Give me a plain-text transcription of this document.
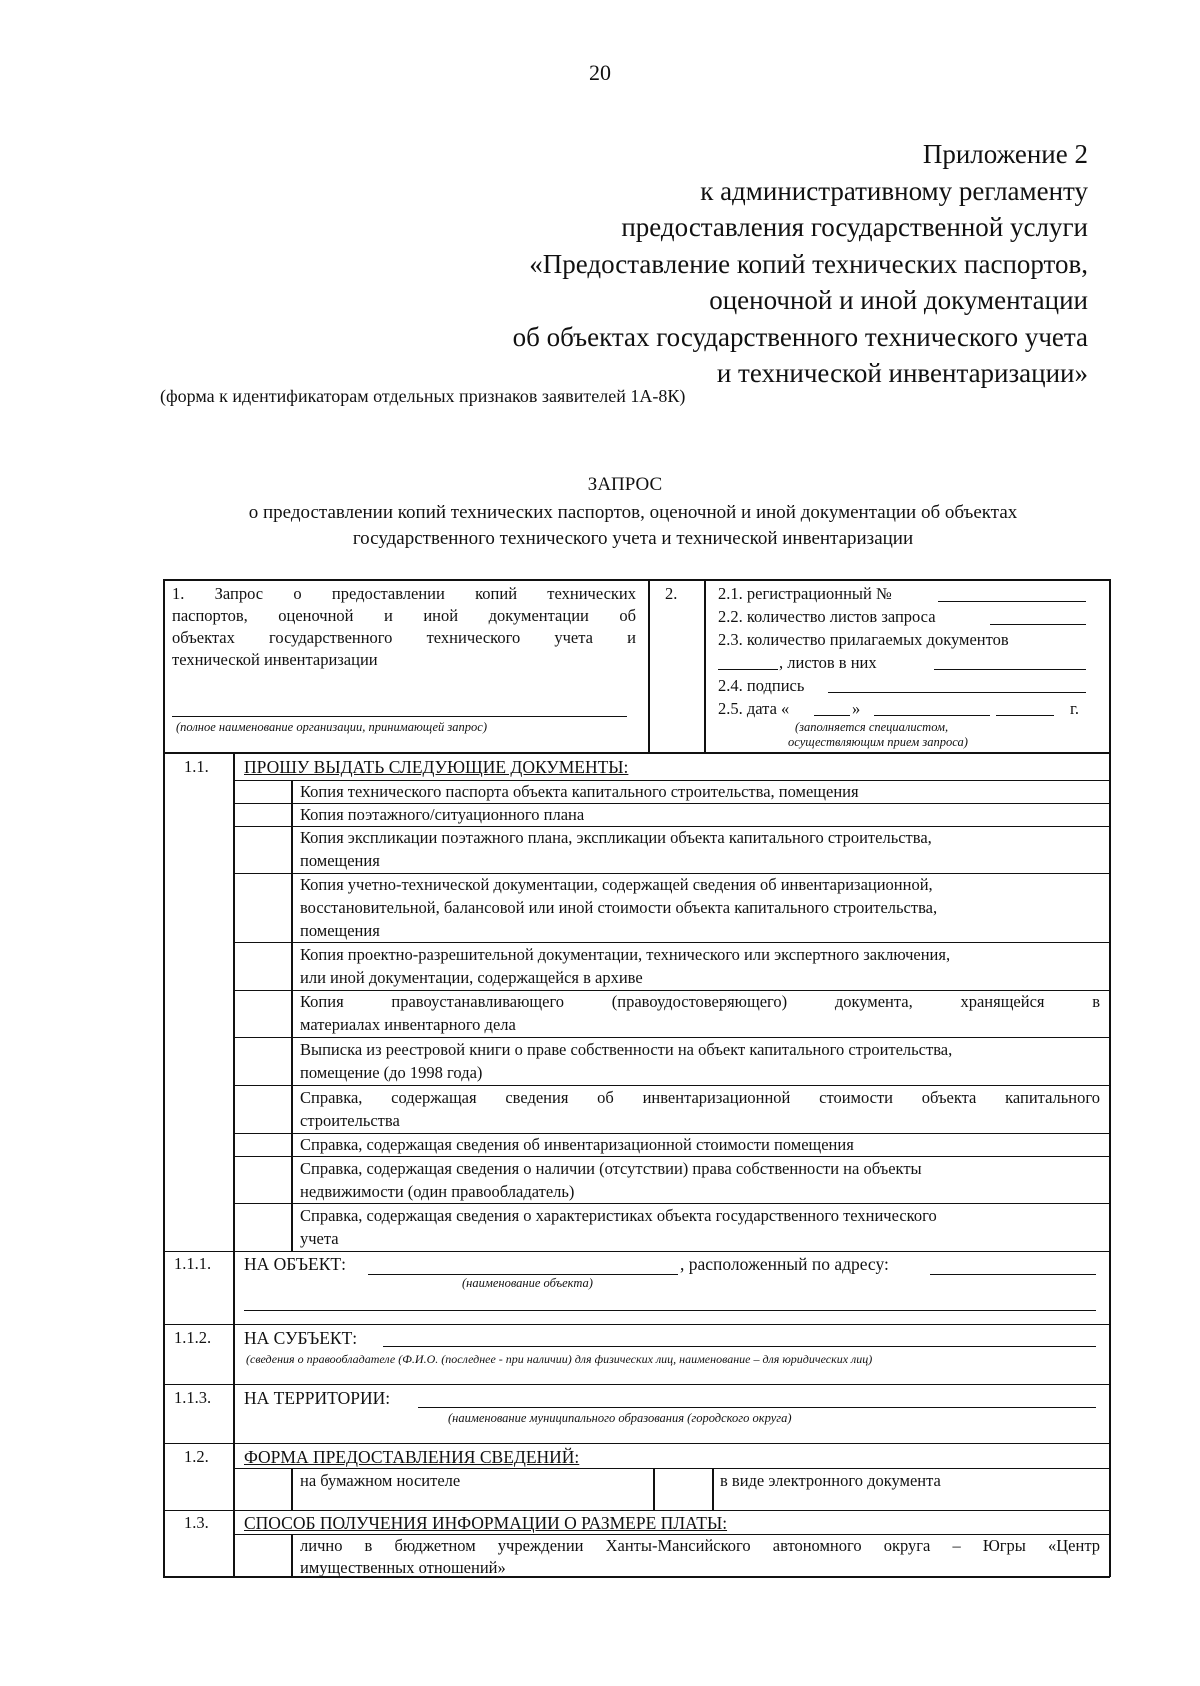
20
Приложение 2
к административному регламенту
предоставления государственной услуги
«Предоставление копий технических паспортов,
оценочной и иной документации
об объектах государственного технического учета
и технической инвентаризации»
(форма к идентификаторам отдельных признаков заявителей 1А-8К)
ЗАПРОС
о предоставлении копий технических паспортов, оценочной и иной документации об объектах
государственного технического учета и технической инвентаризации
1. Запрос о предоставлении копий технических
паспортов, оценочной и иной документации об
объектах государственного технического учета и
технической инвентаризации
(полное наименование организации, принимающей запрос)
2. 2.1. регистрационный №
2.2. количество листов запроса
2.3. количество прилагаемых документов
, листов в них
2.4. подпись
2.5. дата «	»	г.
(заполняется специалистом,
осуществляющим прием запроса)
1.1. ПРОШУ ВЫДАТЬ СЛЕДУЮЩИЕ ДОКУМЕНТЫ:
Копия технического паспорта объекта капитального строительства, помещения
Копия поэтажного/ситуационного плана
Копия экспликации поэтажного плана, экспликации объекта капитального строительства,
помещения
Копия учетно-технической документации, содержащей сведения об инвентаризационной,
восстановительной, балансовой или иной стоимости объекта капитального строительства,
помещения
Копия проектно-разрешительной документации, технического или экспертного заключения,
или иной документации, содержащейся в архиве
Копия правоустанавливающего (правоудостоверяющего) документа, хранящейся в
материалах инвентарного дела
Выписка из реестровой книги о праве собственности на объект капитального строительства,
помещение (до 1998 года)
Справка, содержащая сведения об инвентаризационной стоимости объекта капитального
строительства
Справка, содержащая сведения об инвентаризационной стоимости помещения
Справка, содержащая сведения о наличии (отсутствии) права собственности на объекты
недвижимости (один правообладатель)
Справка, содержащая сведения о характеристиках объекта государственного технического
учета
1.1.1. НА ОБЪЕКТ:	, расположенный по адресу:
(наименование объекта)
1.1.2. НА СУБЪЕКТ:
(сведения о правообладателе (Ф.И.О. (последнее - при наличии) для физических лиц, наименование – для юридических лиц)
1.1.3. НА ТЕРРИТОРИИ:
(наименование муниципального образования (городского округа)
1.2. ФОРМА ПРЕДОСТАВЛЕНИЯ СВЕДЕНИЙ:
на бумажном носителе	в виде электронного документа
1.3. СПОСОБ ПОЛУЧЕНИЯ ИНФОРМАЦИИ О РАЗМЕРЕ ПЛАТЫ:
лично в бюджетном учреждении Ханты-Мансийского автономного округа – Югры «Центр
имущественных отношений»
